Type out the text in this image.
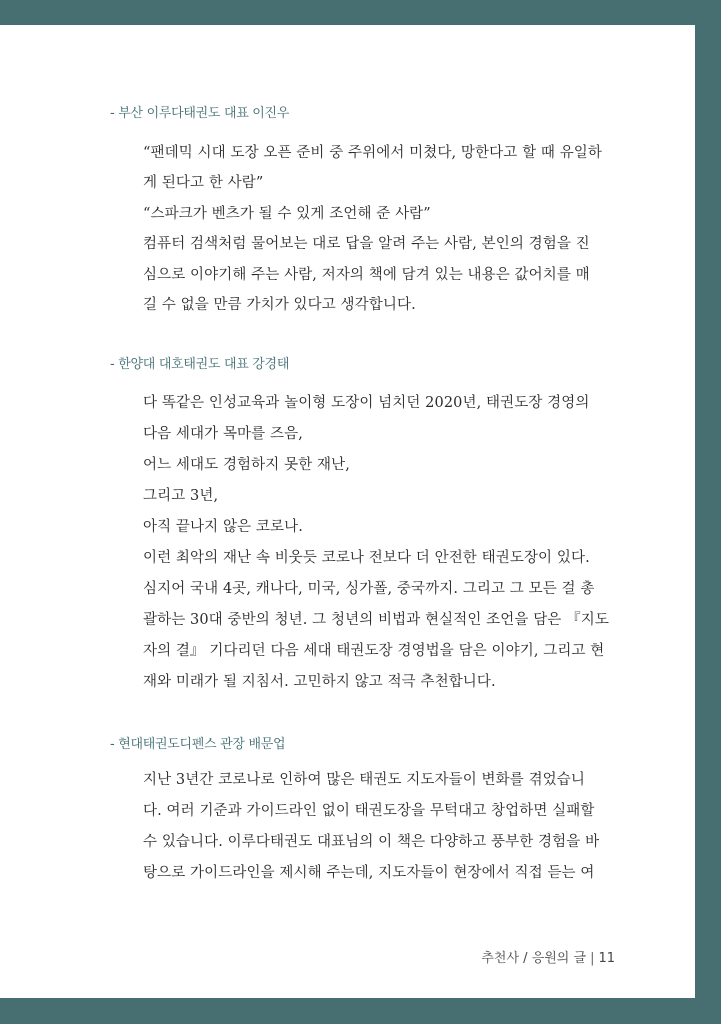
- 부산 이루다태권도 대표 이진우
“팬데믹 시대 도장 오픈 준비 중 주위에서 미쳤다, 망한다고 할 때 유일하
게 된다고 한 사람”
“스파크가 벤츠가 될 수 있게 조언해 준 사람”
컴퓨터 검색처럼 물어보는 대로 답을 알려 주는 사람, 본인의 경험을 진
심으로 이야기해 주는 사람, 저자의 책에 담겨 있는 내용은 값어치를 매
길 수 없을 만큼 가치가 있다고 생각합니다.
- 한양대 대호태권도 대표 강경태
다 똑같은 인성교육과 놀이형 도장이 넘치던 2020년, 태권도장 경영의
다음 세대가 목마를 즈음,
어느 세대도 경험하지 못한 재난,
그리고 3년,
아직 끝나지 않은 코로나.
이런 최악의 재난 속 비웃듯 코로나 전보다 더 안전한 태권도장이 있다.
심지어 국내 4곳, 캐나다, 미국, 싱가폴, 중국까지. 그리고 그 모든 걸 총
괄하는 30대 중반의 청년. 그 청년의 비법과 현실적인 조언을 담은 『지도
자의 결』 기다리던 다음 세대 태권도장 경영법을 담은 이야기, 그리고 현
재와 미래가 될 지침서. 고민하지 않고 적극 추천합니다.
- 현대태권도디펜스 관장 배문업
지난 3년간 코로나로 인하여 많은 태권도 지도자들이 변화를 겪었습니
다. 여러 기준과 가이드라인 없이 태권도장을 무턱대고 창업하면 실패할
수 있습니다. 이루다태권도 대표님의 이 책은 다양하고 풍부한 경험을 바
탕으로 가이드라인을 제시해 주는데, 지도자들이 현장에서 직접 듣는 여
추천사 / 응원의 글 | 11
